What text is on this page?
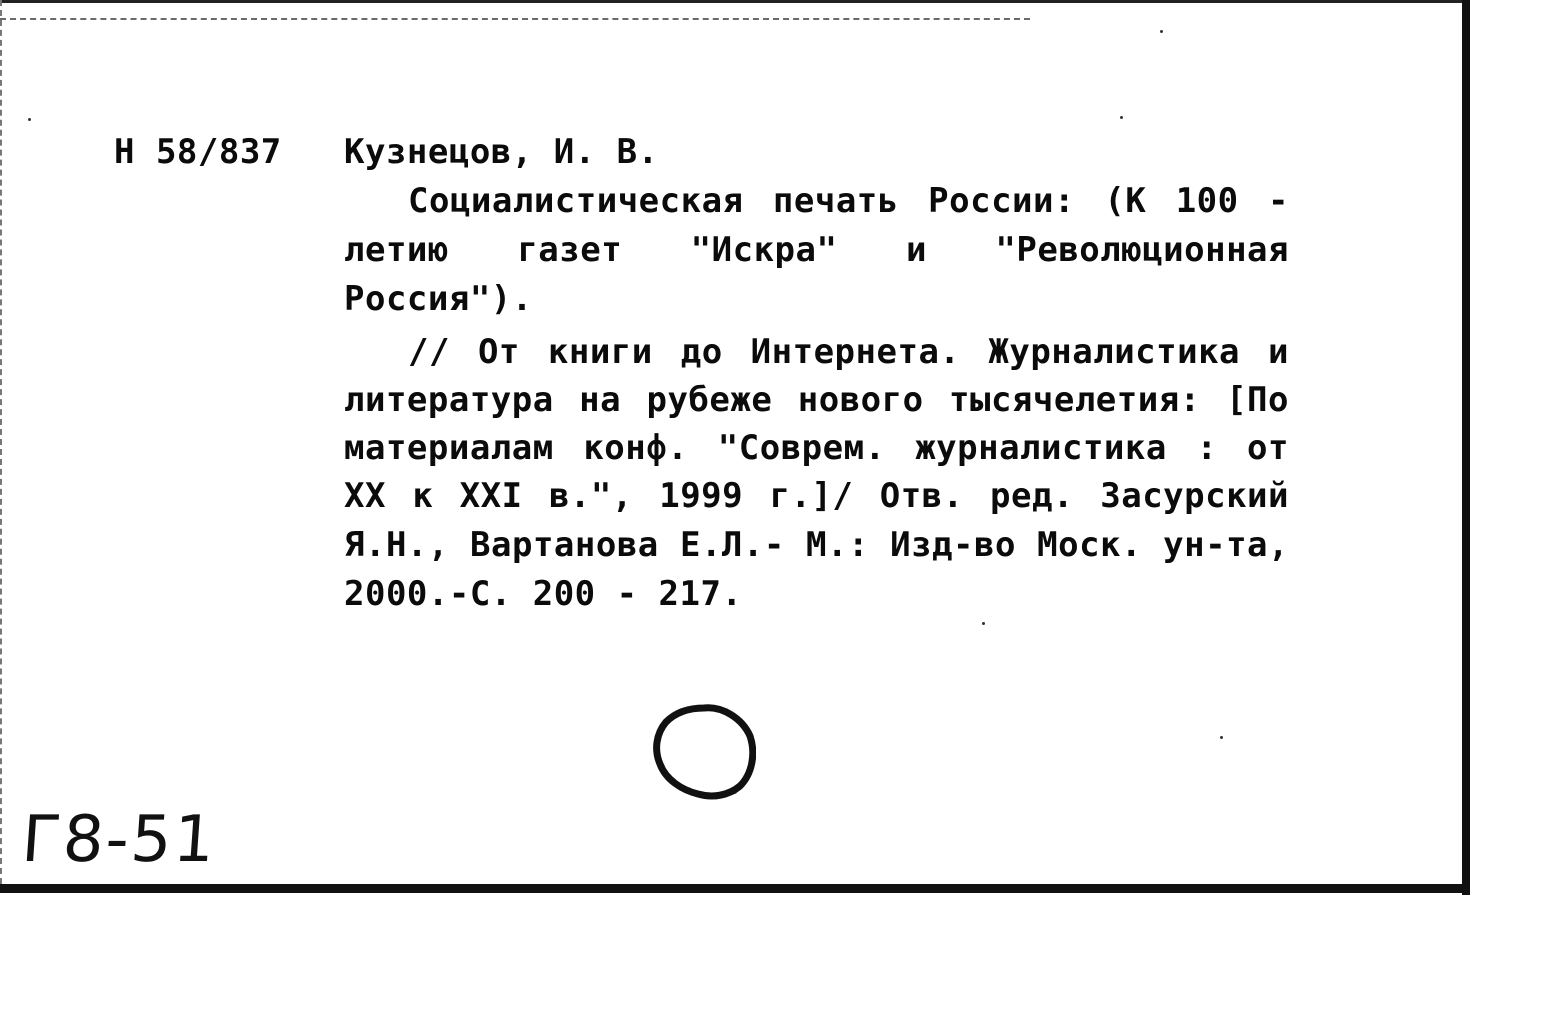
Н 58/837 Кузнецов, И. В.
Социалистическая печать России: (К 100 -
летию газет "Искра" и "Революционная
Россия").
// От книги до Интернета. Журналистика и
литература на рубеже нового тысячелетия: [По
материалам конф. "Соврем. журналистика : от
XX к XXI в.", 1999 г.]/ Отв. ред. Засурский
Я.Н., Вартанова Е.Л.- М.: Изд-во Моск. ун-та,
2000.-С. 200 - 217.
Г8-51
